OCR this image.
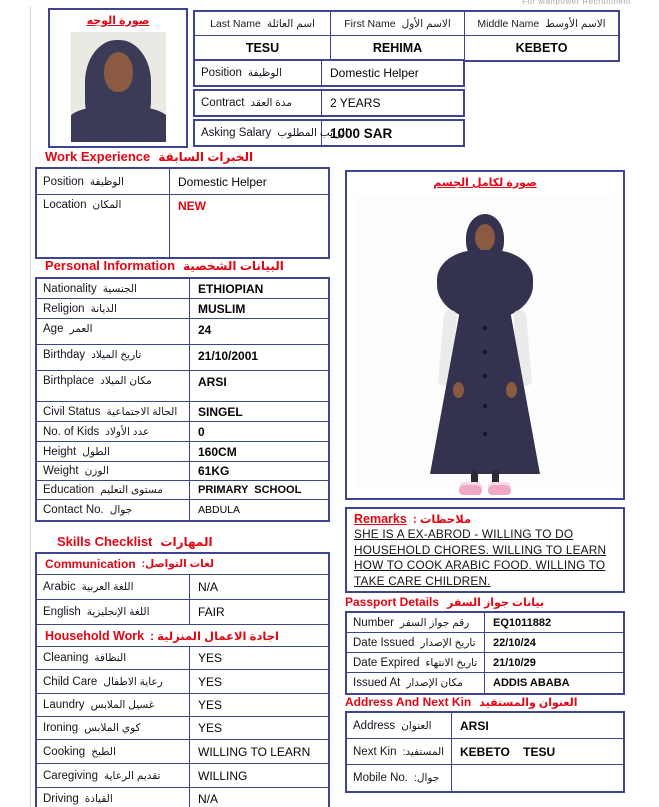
For Manpower Recruitment
صورة الوجه	Last Name اسم العائلة	First Name الاسم الأول	Middle Name الاسم الأوسط
TESU	REHIMA	KEBETO
Position الوظيفة	Domestic Helper
Contract مدة العقد	2 YEARS
Asking Salary الراتب المطلوب
1000 SAR
Work Experience الخبرات السابقة
Position الوظيفة	Domestic Helper
Location المكان	NEW
Personal Information البيانات الشخصية
Nationality الجنسية	ETHIOPIAN
Religion الديانة	MUSLIM
Age العمر	24
Birthday تاريخ الميلاد	21/10/2001
Birthplace مكان الميلاد	ARSI
Civil Status الحالة الاجتماعية SINGEL
No. of Kids عدد الأولاد	0
Height الطول	160CM
Weight الوزن	61KG
Education مستوى التعليم	PRIMARY  SCHOOL
Contact No. جوال	ABDULA
Skills Checklist المهارات
Communication لغات التواصل:
Arabic اللغة العربية	N/A
English اللغة الإنجليزية	FAIR
Household Work اجادة الاعمال المنزلية :
Cleaning النظافة	YES
Child Care رعاية الاطفال	YES
Laundry غسيل الملابس	YES
Ironing كوي الملابس	YES
Cooking الطبخ	WILLING TO LEARN
Caregiving تقديم الرعاية	WILLING
Driving القيادة	N/A
صورة لكامل الجسم
Remarks ملاحظات :
SHE IS A EX-ABROD - WILLING TO DO HOUSEHOLD CHORES. WILLING TO LEARN HOW TO COOK ARABIC FOOD. WILLING TO TAKE CARE CHILDREN.
Passport Details بيانات جواز السفر
Number رقم جواز السفر EQ1011882
Date Issued تاريخ الإصدار 22/10/24
Date Expired تاريخ الانتهاء 21/10/29
Issued At مكان الإصدار	ADDIS ABABA
Address And Next Kin العنوان والمستفيد
Address العنوان ARSI
Next Kin المستفيد: KEBETO    TESU
Mobile No. جوال:
